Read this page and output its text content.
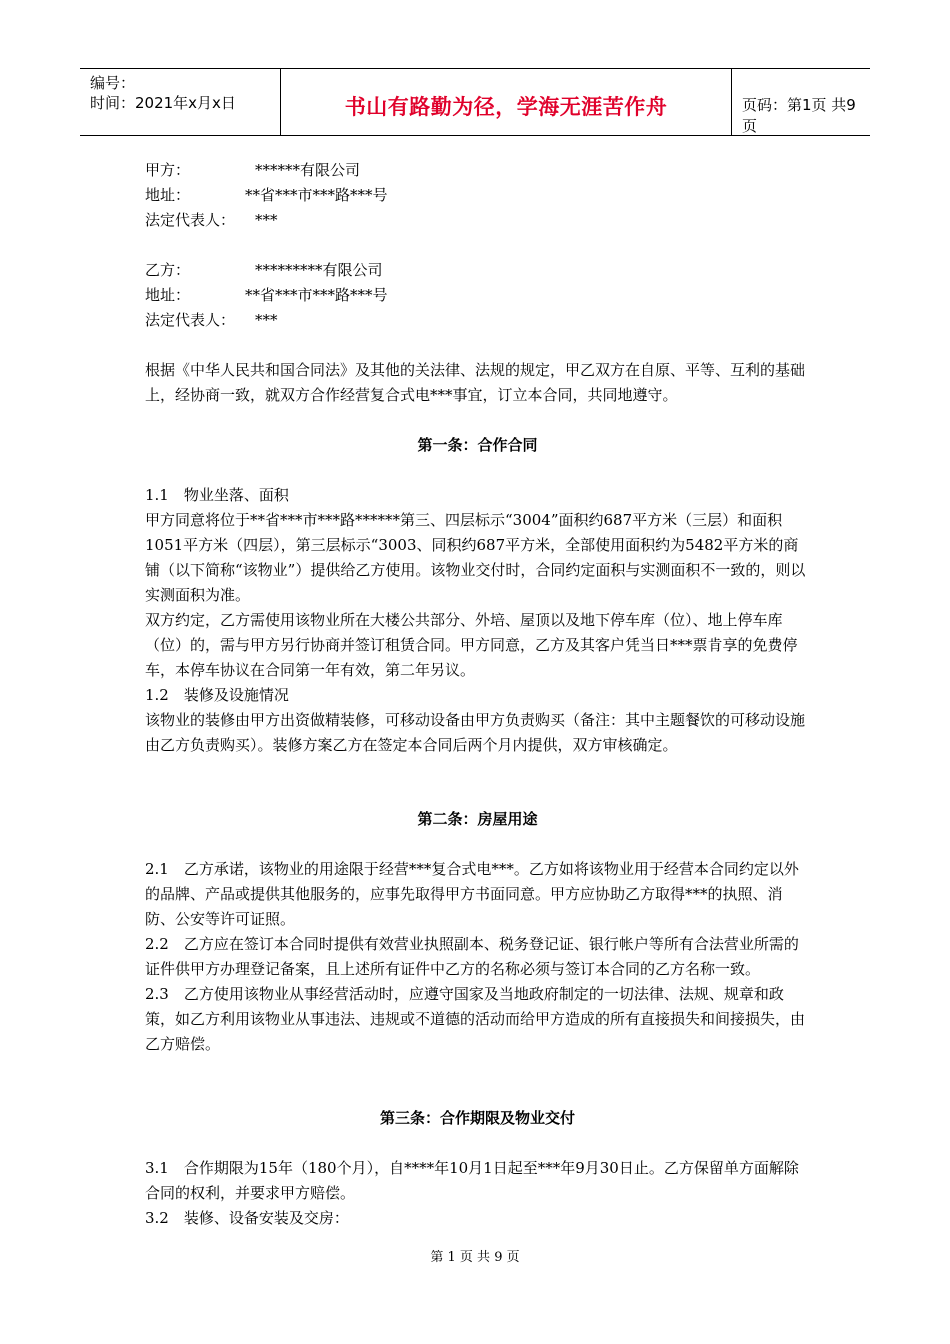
编号：
时间：2021年x月x日	书山有路勤为径，学海无涯苦作舟	页码：第1页 共9页
甲方：	******有限公司
地址：	**省***市***路***号
法定代表人： ***
乙方：	*********有限公司
地址：	**省***市***路***号
法定代表人： ***

根据《中华人民共和国合同法》及其他的关法律、法规的规定，甲乙双方在自原、平等、互利的基础上，经协商一致，就双方合作经营复合式电***事宜，订立本合同，共同地遵守。

第一条：合作合同

1.1　物业坐落、面积

甲方同意将位于**省***市***路******第三、四层标示“3004”面积约687平方米（三层）和面积1051平方米（四层），第三层标示“3003、同积约687平方米，全部使用面积约为5482平方米的商铺（以下简称“该物业”）提供给乙方使用。该物业交付时，合同约定面积与实测面积不一致的，则以实测面积为准。

双方约定，乙方需使用该物业所在大楼公共部分、外培、屋顶以及地下停车库（位）、地上停车库（位）的，需与甲方另行协商并签订租赁合同。甲方同意，乙方及其客户凭当日***票肯享的免费停车，本停车协议在合同第一年有效，第二年另议。

1.2　装修及设施情况

该物业的装修由甲方出资做精装修，可移动设备由甲方负责购买（备注：其中主题餐饮的可移动设施由乙方负责购买）。装修方案乙方在签定本合同后两个月内提供，双方审核确定。

第二条：房屋用途

2.1　乙方承诺，该物业的用途限于经营***复合式电***。乙方如将该物业用于经营本合同约定以外的品牌、产品或提供其他服务的，应事先取得甲方书面同意。甲方应协助乙方取得***的执照、消防、公安等许可证照。

2.2　乙方应在签订本合同时提供有效营业执照副本、税务登记证、银行帐户等所有合法营业所需的证件供甲方办理登记备案，且上述所有证件中乙方的名称必须与签订本合同的乙方名称一致。

2.3　乙方使用该物业从事经营活动时，应遵守国家及当地政府制定的一切法律、法规、规章和政策，如乙方利用该物业从事违法、违规或不道德的活动而给甲方造成的所有直接损失和间接损失，由乙方赔偿。

第三条：合作期限及物业交付

3.1　合作期限为15年（180个月），自****年10月1日起至***年9月30日止。乙方保留单方面解除合同的权利，并要求甲方赔偿。

3.2　装修、设备安装及交房：

第 1 页 共 9 页
